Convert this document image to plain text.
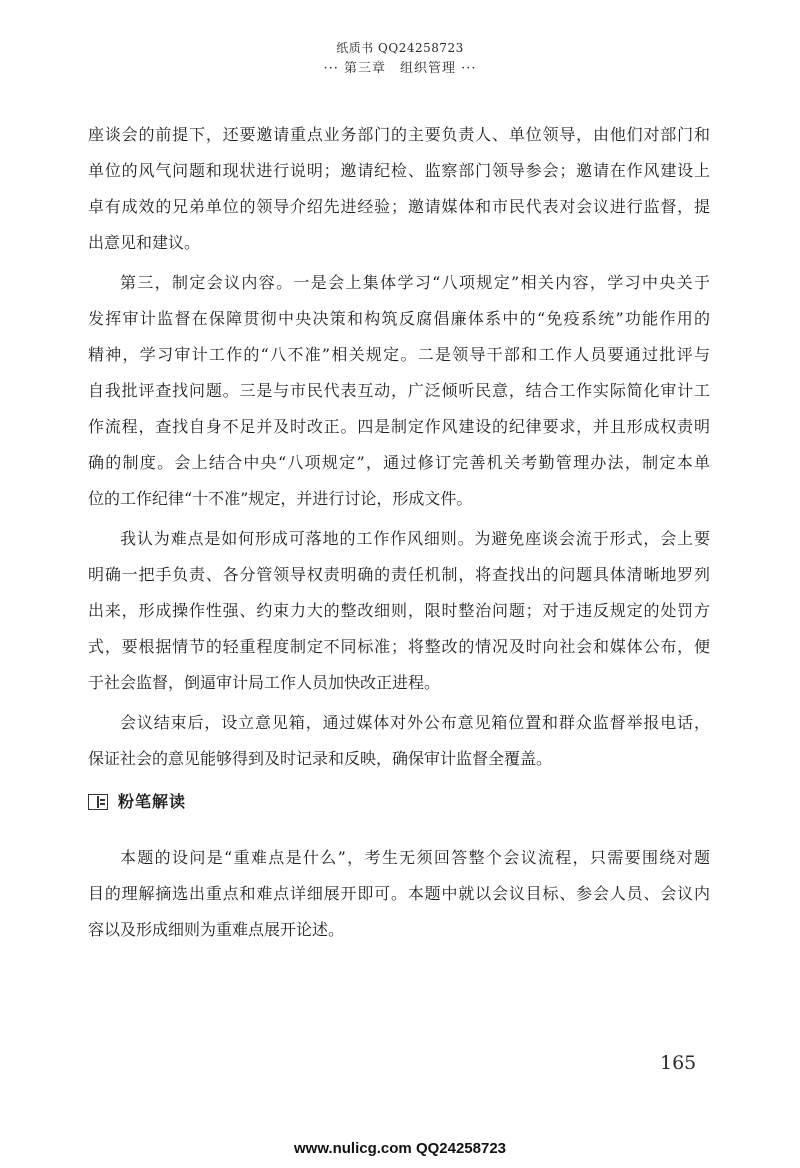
纸质书 QQ24258723
··· 第三章　组织管理 ···
座谈会的前提下，还要邀请重点业务部门的主要负责人、单位领导，由他们对部门和
单位的风气问题和现状进行说明；邀请纪检、监察部门领导参会；邀请在作风建设上
卓有成效的兄弟单位的领导介绍先进经验；邀请媒体和市民代表对会议进行监督，提
出意见和建议。
第三，制定会议内容。一是会上集体学习“八项规定”相关内容，学习中央关于
发挥审计监督在保障贯彻中央决策和构筑反腐倡廉体系中的“免疫系统”功能作用的
精神，学习审计工作的“八不准”相关规定。二是领导干部和工作人员要通过批评与
自我批评查找问题。三是与市民代表互动，广泛倾听民意，结合工作实际简化审计工
作流程，查找自身不足并及时改正。四是制定作风建设的纪律要求，并且形成权责明
确的制度。会上结合中央“八项规定”，通过修订完善机关考勤管理办法，制定本单
位的工作纪律“十不准”规定，并进行讨论，形成文件。
我认为难点是如何形成可落地的工作作风细则。为避免座谈会流于形式，会上要
明确一把手负责、各分管领导权责明确的责任机制，将查找出的问题具体清晰地罗列
出来，形成操作性强、约束力大的整改细则，限时整治问题；对于违反规定的处罚方
式，要根据情节的轻重程度制定不同标准；将整改的情况及时向社会和媒体公布，便
于社会监督，倒逼审计局工作人员加快改正进程。
会议结束后，设立意见箱，通过媒体对外公布意见箱位置和群众监督举报电话，
保证社会的意见能够得到及时记录和反映，确保审计监督全覆盖。
粉笔解读
本题的设问是“重难点是什么”，考生无须回答整个会议流程，只需要围绕对题
目的理解摘选出重点和难点详细展开即可。本题中就以会议目标、参会人员、会议内
容以及形成细则为重难点展开论述。
165
www.nulicg.com QQ24258723
